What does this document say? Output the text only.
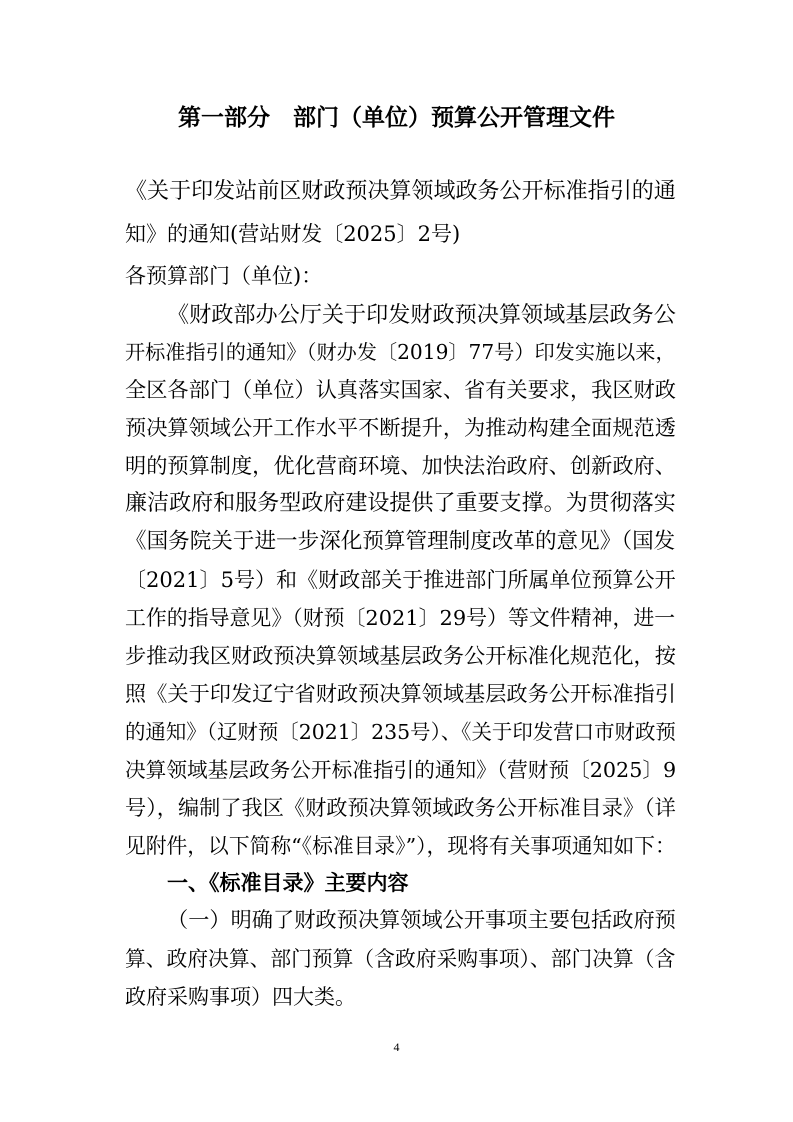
第一部分　部门（单位）预算公开管理文件
《关于印发站前区财政预决算领域政务公开标准指引的通
知》的通知(营站财发〔2025〕2号)
各预算部门（单位)：
《财政部办公厅关于印发财政预决算领域基层政务公
开标准指引的通知》（财办发〔2019〕77号）印发实施以来，
全区各部门（单位）认真落实国家、省有关要求，我区财政
预决算领域公开工作水平不断提升，为推动构建全面规范透
明的预算制度，优化营商环境、加快法治政府、创新政府、
廉洁政府和服务型政府建设提供了重要支撑。为贯彻落实
《国务院关于进一步深化预算管理制度改革的意见》（国发
〔2021〕5号）和《财政部关于推进部门所属单位预算公开
工作的指导意见》（财预〔2021〕29号）等文件精神，进一
步推动我区财政预决算领域基层政务公开标准化规范化，按
照《关于印发辽宁省财政预决算领域基层政务公开标准指引
的通知》（辽财预〔2021〕235号）、《关于印发营口市财政预
决算领域基层政务公开标准指引的通知》（营财预〔2025〕9
号），编制了我区《财政预决算领域政务公开标准目录》（详
见附件，以下简称“《标准目录》”），现将有关事项通知如下：
一、《标准目录》主要内容
（一）明确了财政预决算领域公开事项主要包括政府预
算、政府决算、部门预算（含政府采购事项）、部门决算（含
政府采购事项）四大类。
4
